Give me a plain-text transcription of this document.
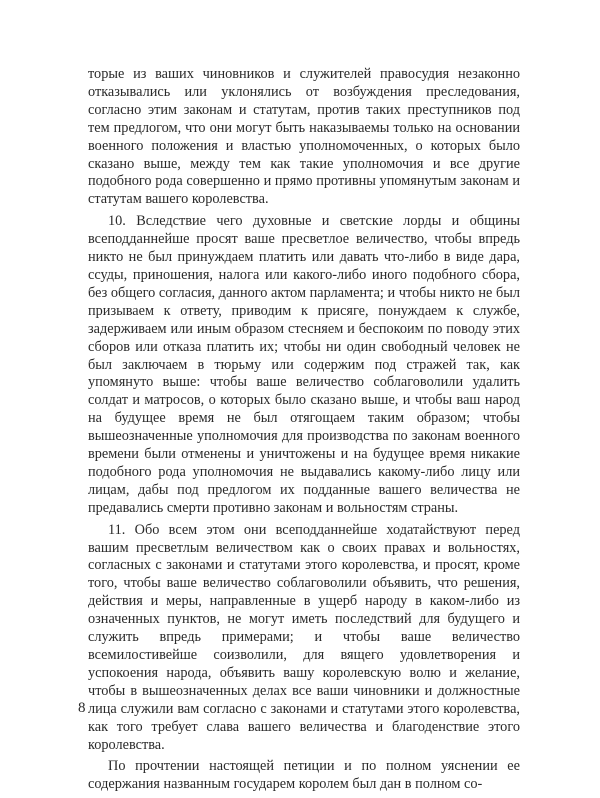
торые из ваших чиновников и служителей правосудия незаконно отказывались или уклонялись от возбуждения преследования, согласно этим законам и статутам, против таких преступников под тем предлогом, что они могут быть наказываемы только на основании военного положения и властью уполномоченных, о которых было сказано выше, между тем как такие уполномочия и все другие подобного рода совершенно и прямо противны упомянутым законам и статутам вашего королевства.

10. Вследствие чего духовные и светские лорды и общины всеподданнейше просят ваше пресветлое величество, чтобы впредь никто не был принуждаем платить или давать что-либо в виде дара, ссуды, приношения, налога или какого-либо иного подобного сбора, без общего согласия, данного актом парламента; и чтобы никто не был призываем к ответу, приводим к присяге, понуждаем к службе, задерживаем или иным образом стесняем и беспокоим по поводу этих сборов или отказа платить их; чтобы ни один свободный человек не был заключаем в тюрьму или содержим под стражей так, как упомянуто выше: чтобы ваше величество соблаговолили удалить солдат и матросов, о которых было сказано выше, и чтобы ваш народ на будущее время не был отягощаем таким образом; чтобы вышеозначенные уполномочия для производства по законам военного времени были отменены и уничтожены и на будущее время никакие подобного рода уполномочия не выдавались какому-либо лицу или лицам, дабы под предлогом их подданные вашего величества не предавались смерти противно законам и вольностям страны.

11. Обо всем этом они всеподданнейше ходатайствуют перед вашим пресветлым величеством как о своих правах и вольностях, согласных с законами и статутами этого королевства, и просят, кроме того, чтобы ваше величество соблаговолили объявить, что решения, действия и меры, направленные в ущерб народу в каком-либо из означенных пунктов, не могут иметь последствий для будущего и служить впредь примерами; и чтобы ваше величество всемилостивейше соизволили, для вящего удовлетворения и успокоения народа, объявить вашу королевскую волю и желание, чтобы в вышеозначенных делах все ваши чиновники и должностные лица служили вам согласно с законами и статутами этого королевства, как того требует слава вашего величества и благоденствие этого королевства.

По прочтении настоящей петиции и по полном уяснении ее содержания названным государем королем был дан в полном со-

8
